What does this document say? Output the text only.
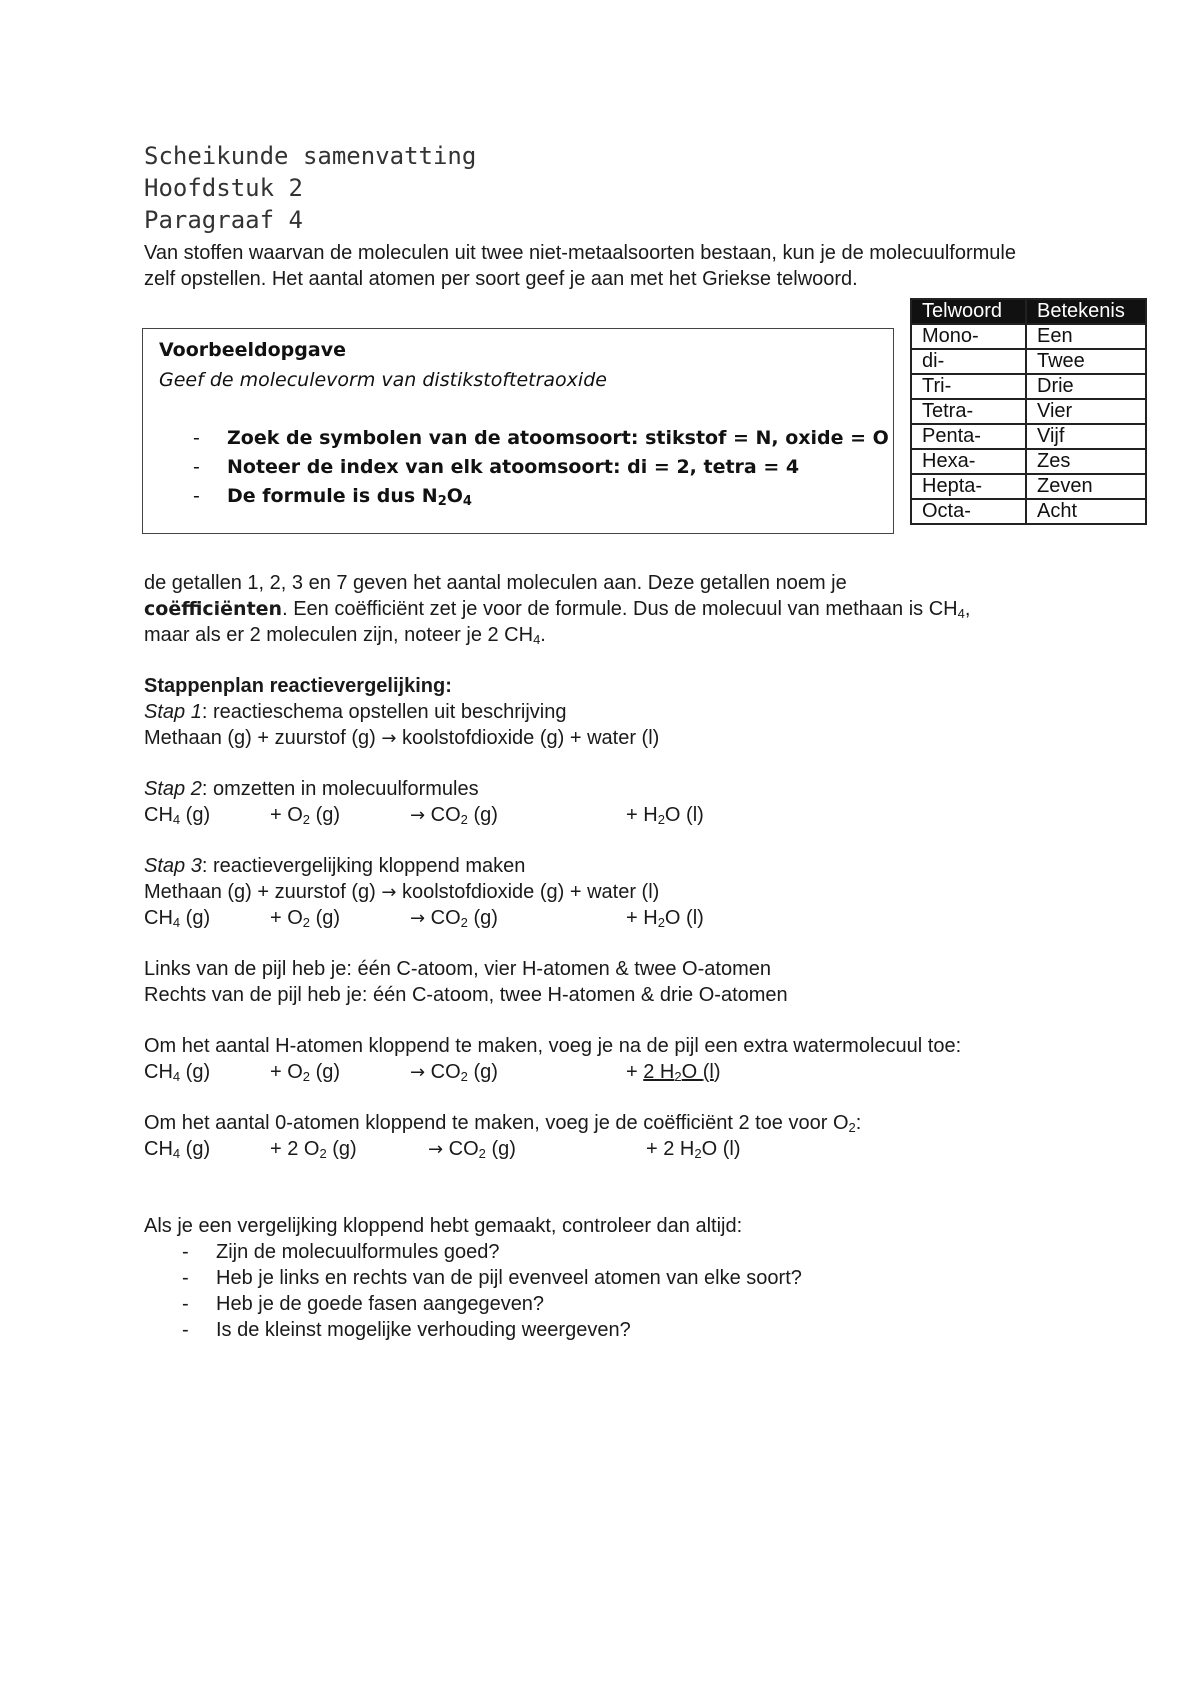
Scheikunde samenvatting
Hoofdstuk 2
Paragraaf 4
Van stoffen waarvan de moleculen uit twee niet-metaalsoorten bestaan, kun je de molecuulformule zelf opstellen. Het aantal atomen per soort geef je aan met het Griekse telwoord.
Telwoord	Betekenis
Mono-	Een
di-	Twee
Tri-	Drie
Tetra-	Vier
Penta-	Vijf
Hexa-	Zes
Hepta-	Zeven
Octa-	Acht
Voorbeeldopgave
Geef de moleculevorm van distikstoftetraoxide
- Zoek de symbolen van de atoomsoort: stikstof = N, oxide = O
- Noteer de index van elk atoomsoort: di = 2, tetra = 4
- De formule is dus $N_2O_4$
de getallen 1, 2, 3 en 7 geven het aantal moleculen aan. Deze getallen noem je
coëfficiënten. Een coëfficiënt zet je voor de formule. Dus de molecuul van methaan is $CH_4$,
maar als er 2 moleculen zijn, noteer je 2 $CH_4$.
Stappenplan reactievergelijking:
Stap 1: reactieschema opstellen uit beschrijving
Methaan (g) + zuurstof (g) → koolstofdioxide (g) + water (l)
Stap 2: omzetten in molecuulformules
$CH_4$ (g)	+ $O_2$ (g)	→ $CO_2$ (g)	+ $H_2O$ (l)
Stap 3: reactievergelijking kloppend maken
Methaan (g) + zuurstof (g) → koolstofdioxide (g) + water (l)
$CH_4$ (g)	+ $O_2$ (g)	→ $CO_2$ (g)	+ $H_2O$ (l)
Links van de pijl heb je: één C-atoom, vier H-atomen & twee O-atomen
Rechts van de pijl heb je: één C-atoom, twee H-atomen & drie O-atomen
Om het aantal H-atomen kloppend te maken, voeg je na de pijl een extra watermolecuul toe:
$CH_4$ (g)	+ $O_2$ (g)	→ $CO_2$ (g)	+ 2 $H_2O$ (l)
Om het aantal 0-atomen kloppend te maken, voeg je de coëfficiënt 2 toe voor $O_2$:
$CH_4$ (g)	+ 2 $O_2$ (g)	→ $CO_2$ (g)	+ 2 $H_2O$ (l)
Als je een vergelijking kloppend hebt gemaakt, controleer dan altijd:
- Zijn de molecuulformules goed?
- Heb je links en rechts van de pijl evenveel atomen van elke soort?
- Heb je de goede fasen aangegeven?
- Is de kleinst mogelijke verhouding weergeven?
